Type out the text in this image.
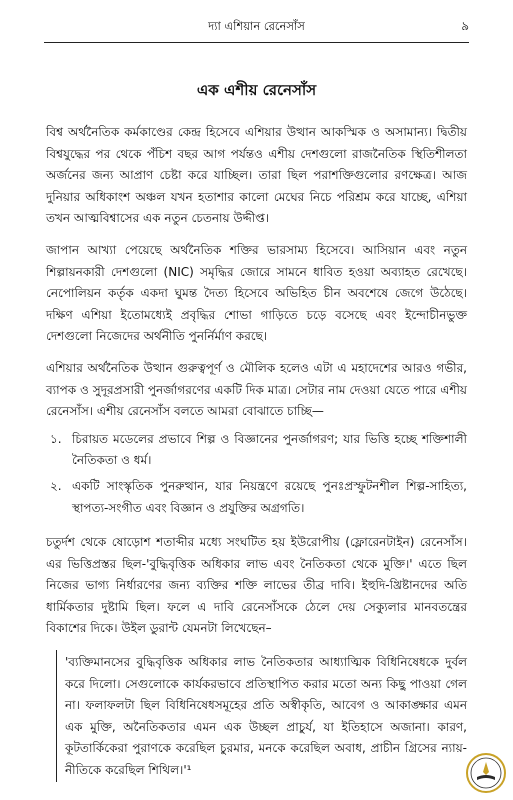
দ্যা এশিয়ান রেনেসাঁস	৯
এক এশীয় রেনেসাঁস

বিশ্ব অর্থনৈতিক কর্মকাণ্ডের কেন্দ্র হিসেবে এশিয়ার উত্থান আকস্মিক ও অসামান্য। দ্বিতীয় বিশ্বযুদ্ধের পর থেকে পঁচিশ বছর আগ পর্যন্তও এশীয় দেশগুলো রাজনৈতিক স্থিতিশীলতা অর্জনের জন্য আপ্রাণ চেষ্টা করে যাচ্ছিল। তারা ছিল পরাশক্তিগুলোর রণক্ষেত্র। আজ দুনিয়ার অধিকাংশ অঞ্চল যখন হতাশার কালো মেঘের নিচে পরিশ্রম করে যাচ্ছে, এশিয়া তখন আত্মবিশ্বাসের এক নতুন চেতনায় উদ্দীপ্ত।

জাপান আখ্যা পেয়েছে অর্থনৈতিক শক্তির ভারসাম্য হিসেবে। আসিয়ান এবং নতুন শিল্পায়নকারী দেশগুলো (NIC) সমৃদ্ধির জোরে সামনে ধাবিত হওয়া অব্যাহত রেখেছে। নেপোলিয়ন কর্তৃক একদা ঘুমন্ত দৈত্য হিসেবে অভিহিত চীন অবশেষে জেগে উঠেছে। দক্ষিণ এশিয়া ইতোমধ্যেই প্রবৃদ্ধির শোভা গাড়িতে চড়ে বসেছে এবং ইন্দোচীনভুক্ত দেশগুলো নিজেদের অর্থনীতি পুনর্নির্মাণ করছে।

এশিয়ার অর্থনৈতিক উত্থান গুরুত্বপূর্ণ ও মৌলিক হলেও এটা এ মহাদেশের আরও গভীর, ব্যাপক ও সুদূরপ্রসারী পুনর্জাগরণের একটি দিক মাত্র। সেটার নাম দেওয়া যেতে পারে এশীয় রেনেসাঁস। এশীয় রেনেসাঁস বলতে আমরা বোঝাতে চাচ্ছি—

১. চিরায়ত মডেলের প্রভাবে শিল্প ও বিজ্ঞানের পুনর্জাগরণ; যার ভিত্তি হচ্ছে শক্তিশালী নৈতিকতা ও ধর্ম।
২. একটি সাংস্কৃতিক পুনরুত্থান, যার নিয়ন্ত্রণে রয়েছে পুনঃপ্রস্ফুটনশীল শিল্প-সাহিত্য, স্থাপত্য-সংগীত এবং বিজ্ঞান ও প্রযুক্তির অগ্রগতি।

চতুর্দশ থেকে ষোড়োশ শতাব্দীর মধ্যে সংঘটিত হয় ইউরোপীয় (ফ্লোরেনটাইন) রেনেসাঁস। এর ভিত্তিপ্রস্তর ছিল-'বুদ্ধিবৃত্তিক অধিকার লাভ এবং নৈতিকতা থেকে মুক্তি।' এতে ছিল নিজের ভাগ্য নির্ধারণের জন্য ব্যক্তির শক্তি লাভের তীব্র দাবি। ইহুদি-খ্রিষ্টানদের অতি ধার্মিকতার দুষ্টামি ছিল। ফলে এ দাবি রেনেসাঁসকে ঠেলে দেয় সেক্যুলার মানবতন্ত্রের বিকাশের দিকে। উইল ডুরান্ট যেমনটা লিখেছেন–

'ব্যক্তিমানসের বুদ্ধিবৃত্তিক অধিকার লাভ নৈতিকতার আধ্যাত্মিক বিধিনিষেধকে দুর্বল করে দিলো। সেগুলোকে কার্যকরভাবে প্রতিস্থাপিত করার মতো অন্য কিছু পাওয়া গেল না। ফলাফলটা ছিল বিধিনিষেধসমূহের প্রতি অস্বীকৃতি, আবেগ ও আকাঙ্ক্ষার এমন এক মুক্তি, অনৈতিকতার এমন এক উচ্ছল প্রাচুর্য, যা ইতিহাসে অজানা। কারণ, কূটতার্কিকেরা পুরাণকে করেছিল চুরমার, মনকে করেছিল অবাধ, প্রাচীন গ্রিসের ন্যায়-নীতিকে করেছিল শিথিল।'¹
